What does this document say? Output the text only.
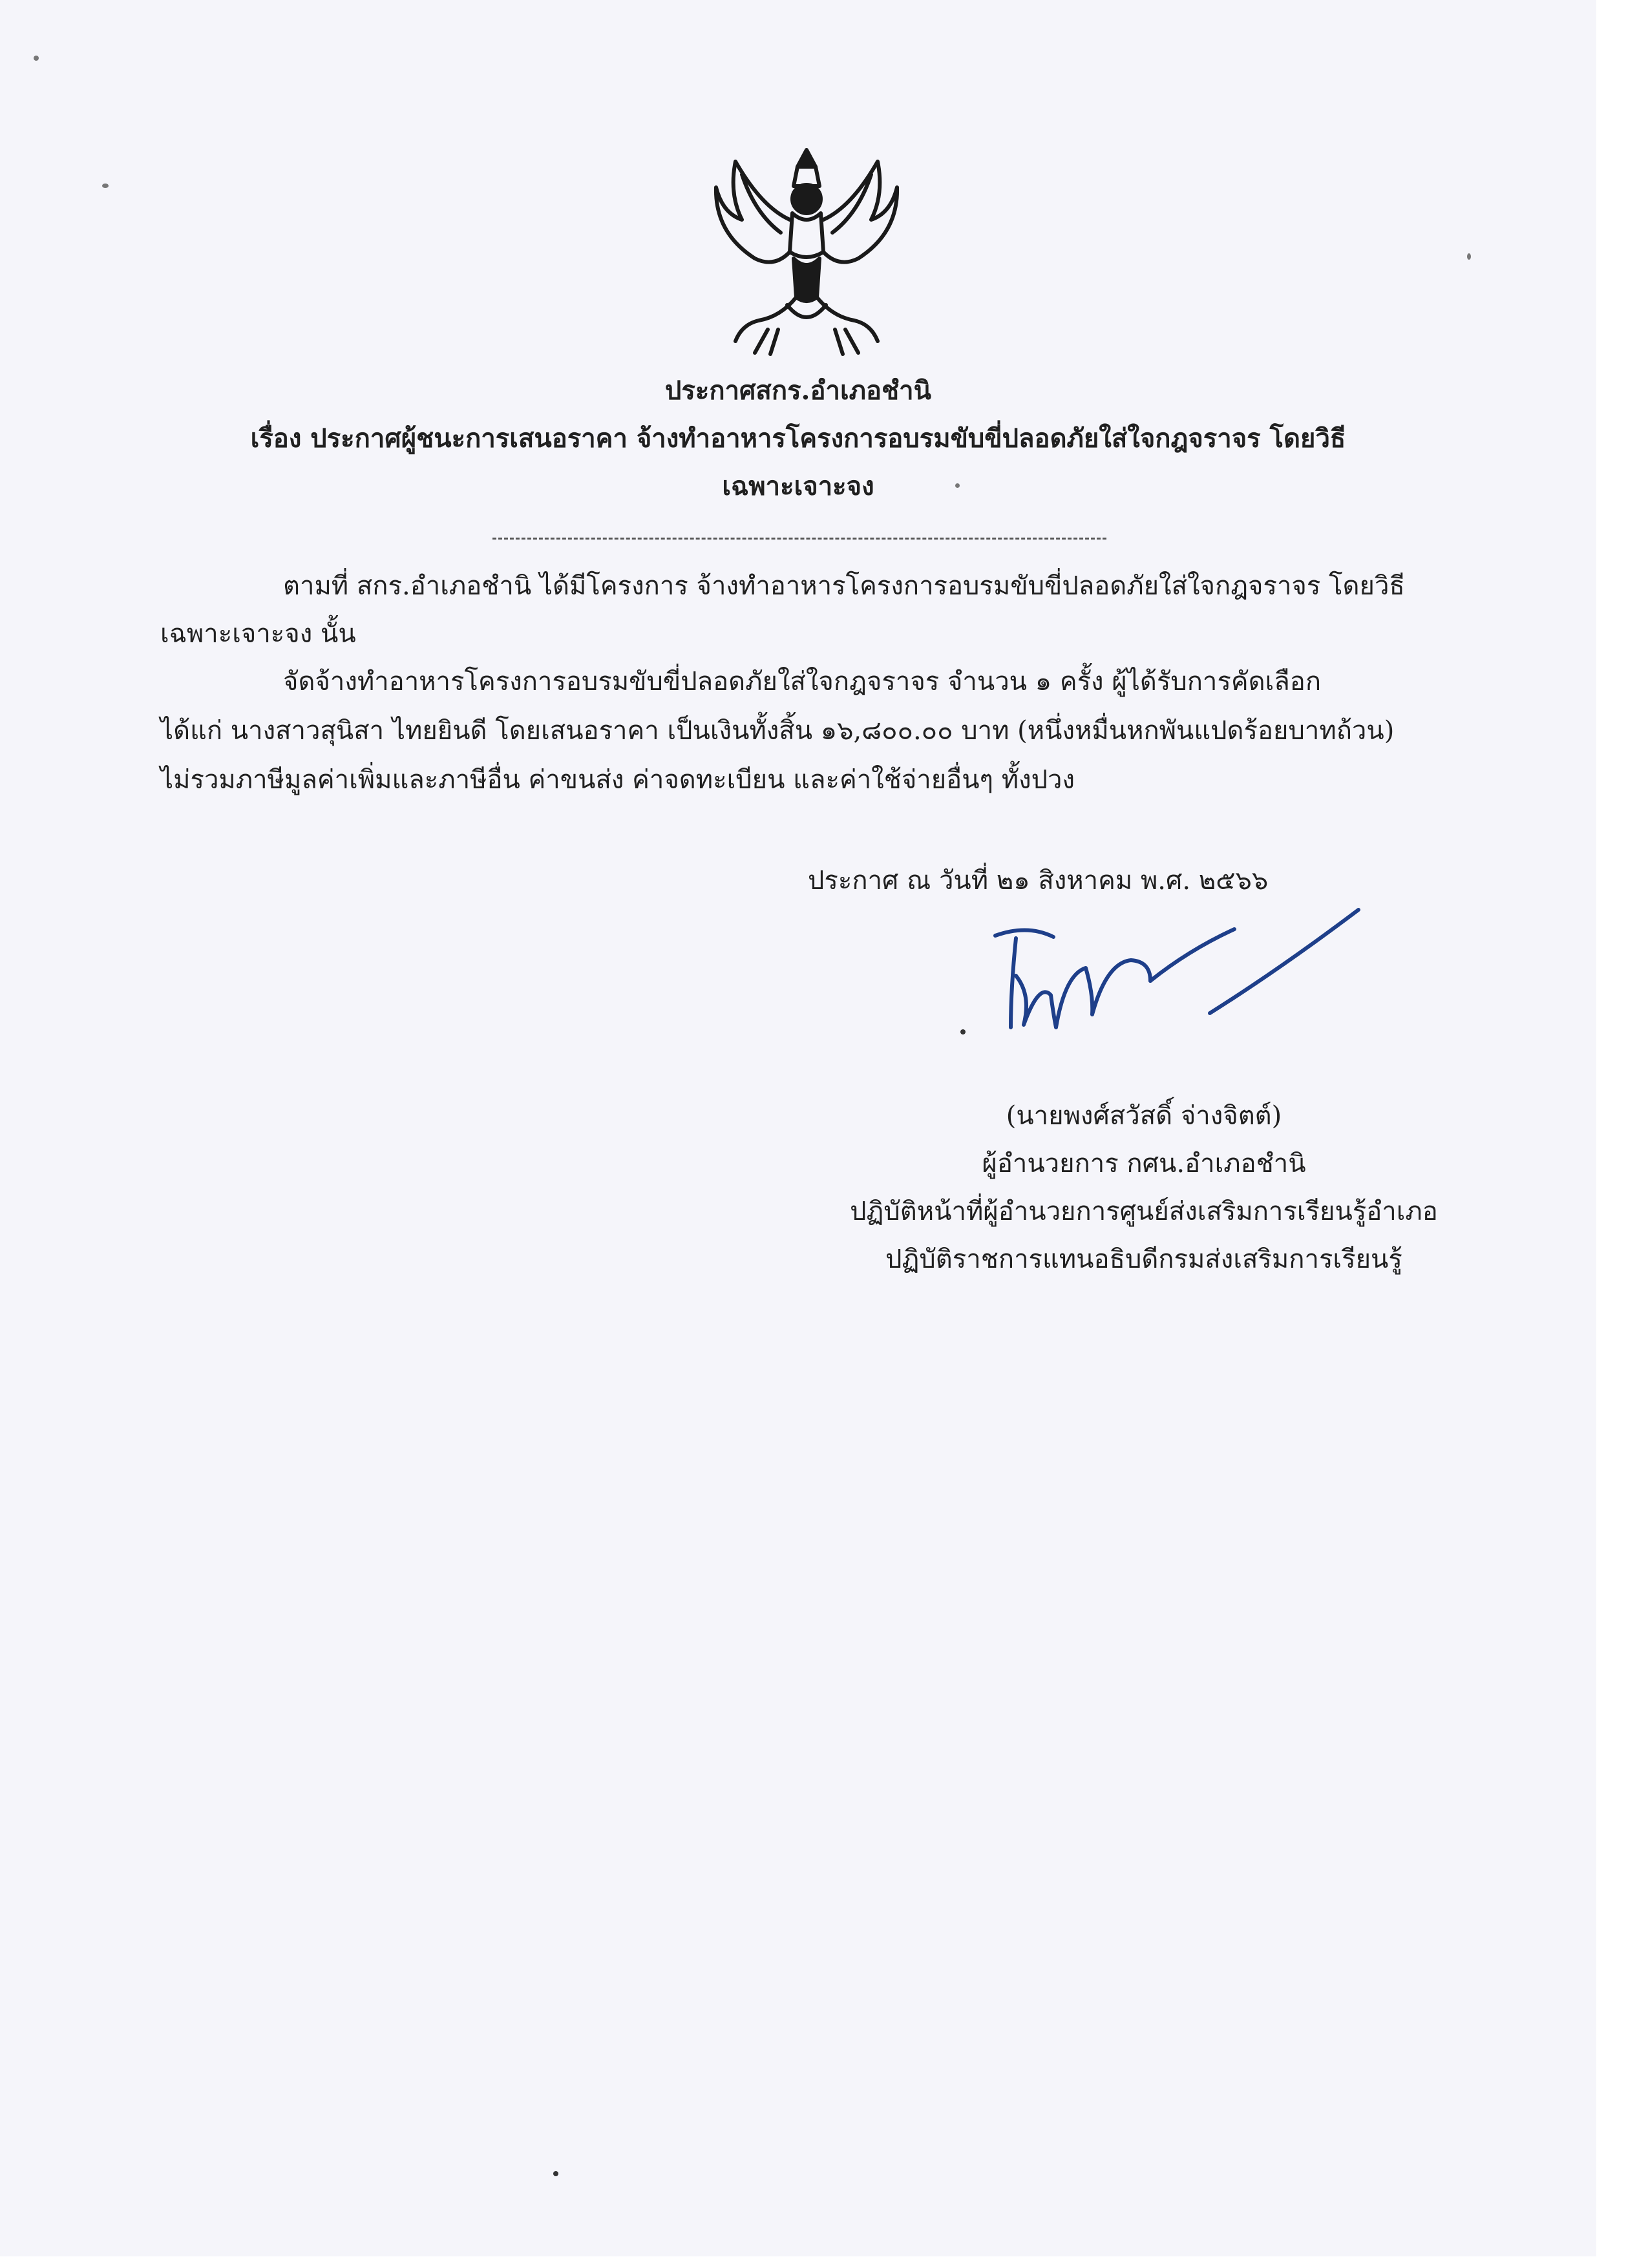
ประกาศสกร.อำเภอชำนิ
เรื่อง ประกาศผู้ชนะการเสนอราคา จ้างทำอาหารโครงการอบรมขับขี่ปลอดภัยใส่ใจกฎจราจร โดยวิธี
เฉพาะเจาะจง
ตามที่ สกร.อำเภอชำนิ ได้มีโครงการ จ้างทำอาหารโครงการอบรมขับขี่ปลอดภัยใส่ใจกฎจราจร โดยวิธี
เฉพาะเจาะจง นั้น
จัดจ้างทำอาหารโครงการอบรมขับขี่ปลอดภัยใส่ใจกฎจราจร จำนวน ๑ ครั้ง ผู้ได้รับการคัดเลือก
ได้แก่ นางสาวสุนิสา ไทยยินดี โดยเสนอราคา เป็นเงินทั้งสิ้น ๑๖,๘๐๐.๐๐ บาท (หนึ่งหมื่นหกพันแปดร้อยบาทถ้วน)
ไม่รวมภาษีมูลค่าเพิ่มและภาษีอื่น ค่าขนส่ง ค่าจดทะเบียน และค่าใช้จ่ายอื่นๆ ทั้งปวง
ประกาศ ณ วันที่ ๒๑ สิงหาคม พ.ศ. ๒๕๖๖
(นายพงศ์สวัสดิ์ จ่างจิตต์)
ผู้อำนวยการ กศน.อำเภอชำนิ
ปฏิบัติหน้าที่ผู้อำนวยการศูนย์ส่งเสริมการเรียนรู้อำเภอ
ปฏิบัติราชการแทนอธิบดีกรมส่งเสริมการเรียนรู้
